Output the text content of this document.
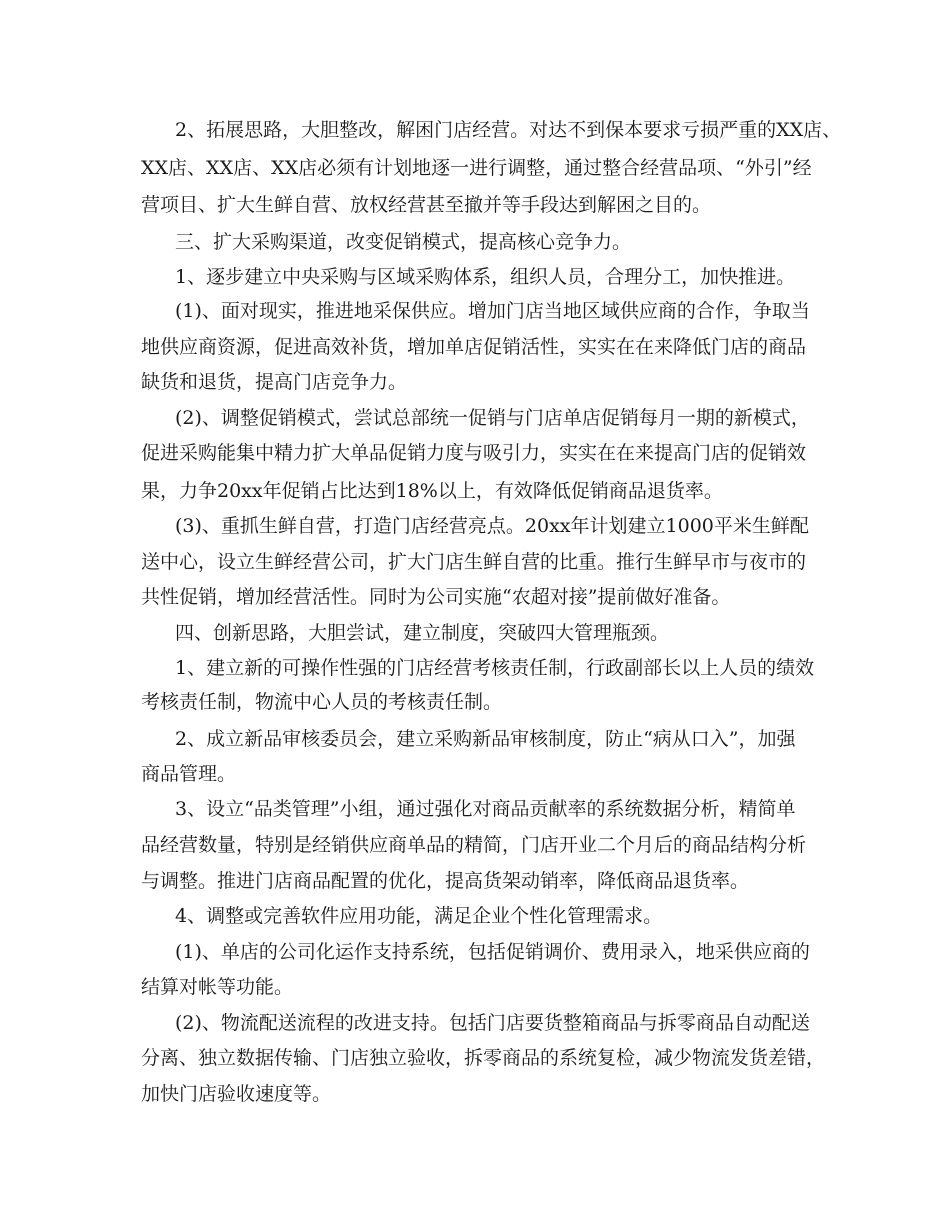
2、拓展思路，大胆整改，解困门店经营。对达不到保本要求亏损严重的XX店、
XX店、XX店、XX店必须有计划地逐一进行调整，通过整合经营品项、“外引”经
营项目、扩大生鲜自营、放权经营甚至撤并等手段达到解困之目的。
三、扩大采购渠道，改变促销模式，提高核心竞争力。
1、逐步建立中央采购与区域采购体系，组织人员，合理分工，加快推进。
(1)、面对现实，推进地采保供应。增加门店当地区域供应商的合作，争取当
地供应商资源，促进高效补货，增加单店促销活性，实实在在来降低门店的商品
缺货和退货，提高门店竞争力。
(2)、调整促销模式，尝试总部统一促销与门店单店促销每月一期的新模式，
促进采购能集中精力扩大单品促销力度与吸引力，实实在在来提高门店的促销效
果，力争20xx年促销占比达到18%以上，有效降低促销商品退货率。
(3)、重抓生鲜自营，打造门店经营亮点。20xx年计划建立1000平米生鲜配
送中心，设立生鲜经营公司，扩大门店生鲜自营的比重。推行生鲜早市与夜市的
共性促销，增加经营活性。同时为公司实施“农超对接”提前做好准备。
四、创新思路，大胆尝试，建立制度，突破四大管理瓶颈。
1、建立新的可操作性强的门店经营考核责任制，行政副部长以上人员的绩效
考核责任制，物流中心人员的考核责任制。
2、成立新品审核委员会，建立采购新品审核制度，防止“病从口入”，加强
商品管理。
3、设立“品类管理”小组，通过强化对商品贡献率的系统数据分析，精简单
品经营数量，特别是经销供应商单品的精简，门店开业二个月后的商品结构分析
与调整。推进门店商品配置的优化，提高货架动销率，降低商品退货率。
4、调整或完善软件应用功能，满足企业个性化管理需求。
(1)、单店的公司化运作支持系统，包括促销调价、费用录入，地采供应商的
结算对帐等功能。
(2)、物流配送流程的改进支持。包括门店要货整箱商品与拆零商品自动配送
分离、独立数据传输、门店独立验收，拆零商品的系统复检，减少物流发货差错，
加快门店验收速度等。
